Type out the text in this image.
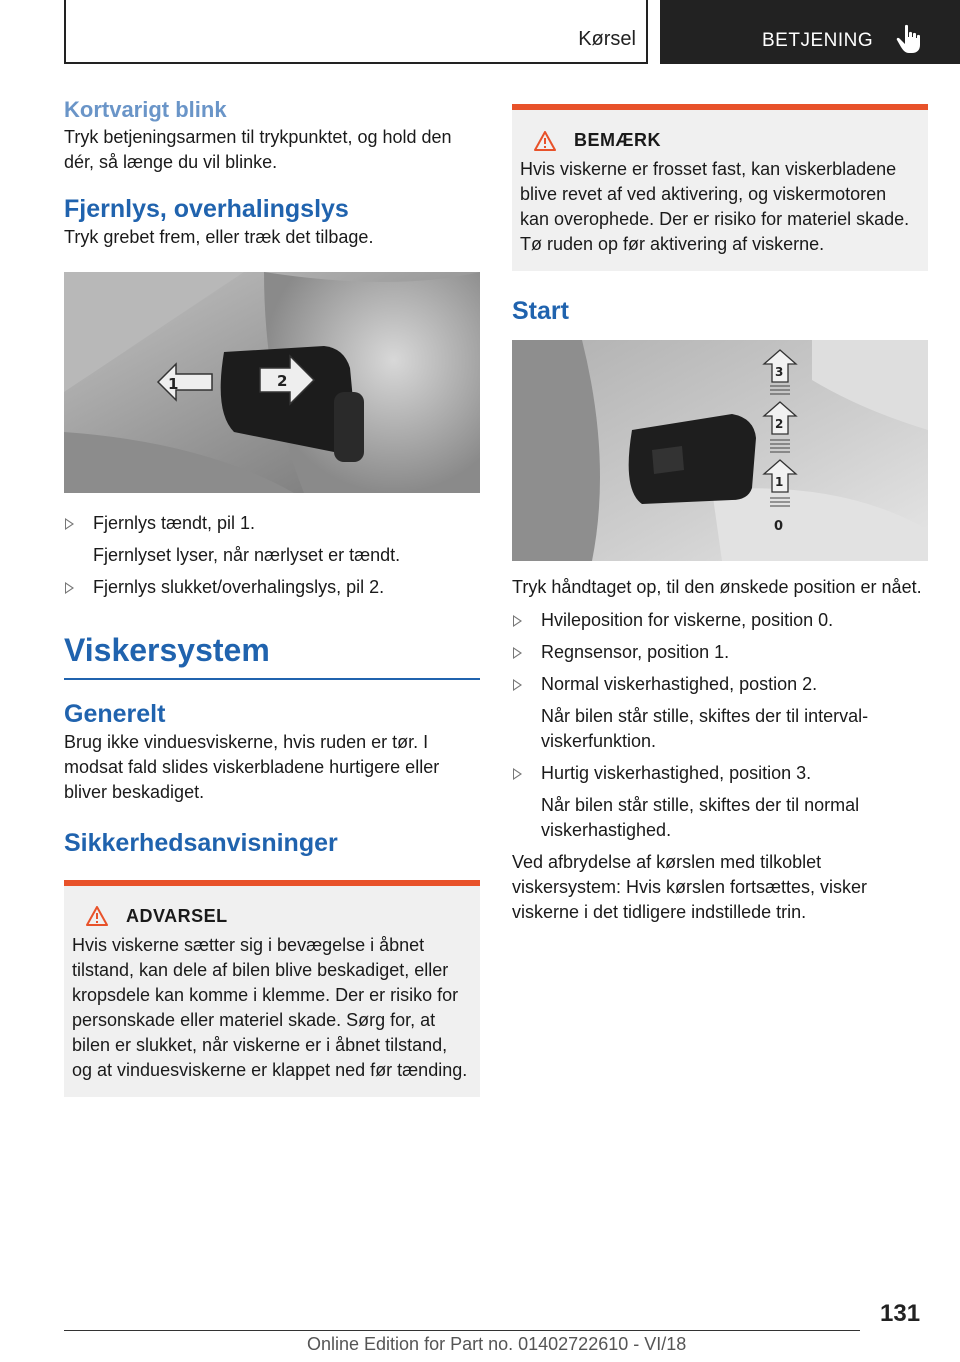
Kørsel	BETJENING
Kortvarigt blink

Tryk betjeningsarmen til trykpunktet, og hold den dér, så længe du vil blinke.

Fjernlys, overhalingslys

Tryk grebet frem, eller træk det tilbage.

1	2
Fjernlys tændt, pil 1.
Fjernlyset lyser, når nærlyset er tændt.
Fjernlys slukket/overhalingslys, pil 2.
Viskersystem
Generelt

Brug ikke vinduesviskerne, hvis ruden er tør. I modsat fald slides viskerbladene hurtigere eller bliver beskadiget.

Sikkerhedsanvisninger
ADVARSEL

Hvis viskerne sætter sig i bevægelse i åbnet tilstand, kan dele af bilen blive beskadiget, eller kropsdele kan komme i klemme. Der er risiko for personskade eller materiel skade. Sørg for, at bilen er slukket, når viskerne er i åbnet tilstand, og at vinduesviskerne er klappet ned før tænding.

BEMÆRK

Hvis viskerne er frosset fast, kan viskerbladene blive revet af ved aktivering, og viskermotoren kan overophede. Der er risiko for materiel skade. Tø ruden op før aktivering af viskerne.

Start
3
2
1
0

Tryk håndtaget op, til den ønskede position er nået.

Hvileposition for viskerne, position 0.
Regnsensor, position 1.
Normal viskerhastighed, postion 2.
Når bilen står stille, skiftes der til interval-viskerfunktion.
Hurtig viskerhastighed, position 3.
Når bilen står stille, skiftes der til normal viskerhastighed.

Ved afbrydelse af kørslen med tilkoblet viskersystem: Hvis kørslen fortsættes, visker viskerne i det tidligere indstillede trin.

131
Online Edition for Part no. 01402722610 - VI/18
